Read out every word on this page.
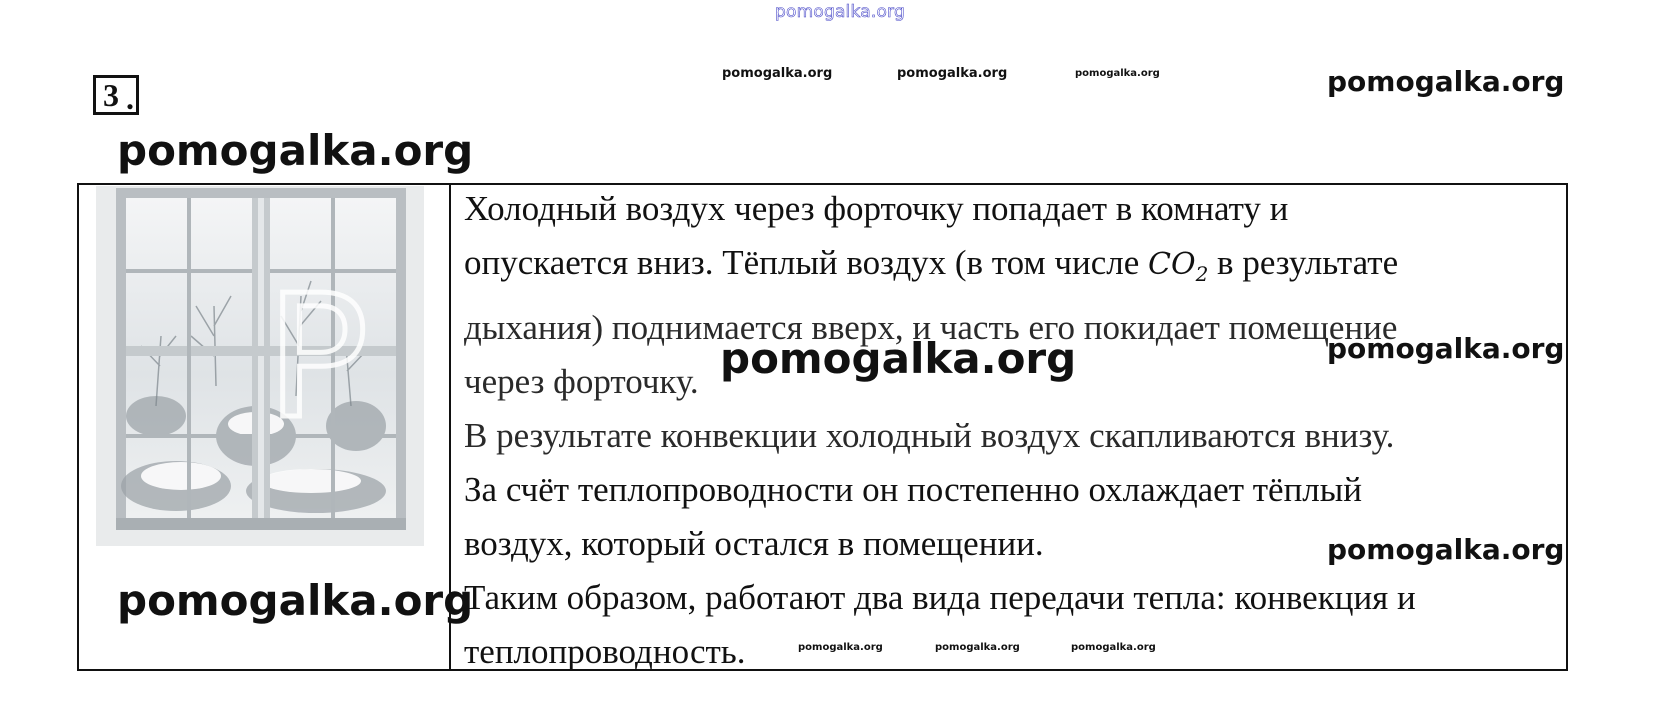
pomogalka.org
3 .
pomogalka.org	pomogalka.org	pomogalka.org	pomogalka.org
pomogalka.org
P

Холодный воздух через форточку попадает в комнату и

опускается вниз. Тёплый воздух (в том числе $CO_2$ в результате

дыхания) поднимается вверх, и часть его покидает помещение

через форточку.

В результате конвекции холодный воздух скапливаются внизу.

За счёт теплопроводности он постепенно охлаждает тёплый

воздух, который остался в помещении.

Таким образом, работают два вида передачи тепла: конвекция и

теплопроводность.

pomogalka.org	pomogalka.org
pomogalka.org
pomogalka.org
pomogalka.org	pomogalka.org	pomogalka.org
